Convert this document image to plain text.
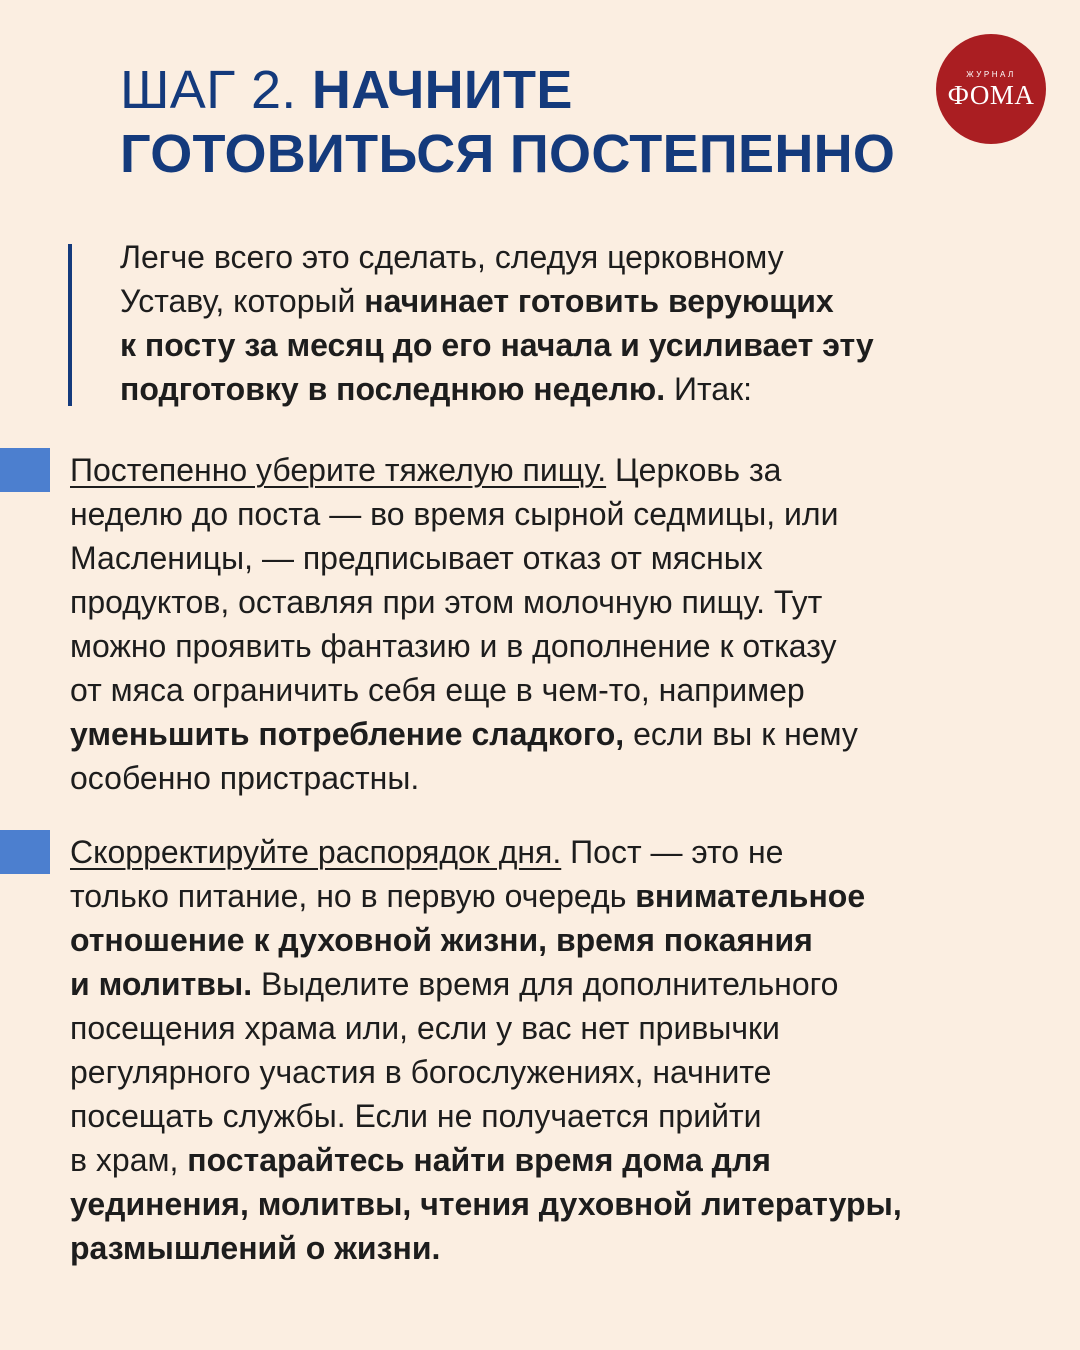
ШАГ 2. НАЧНИТЕ
ГОТОВИТЬСЯ ПОСТЕПЕННО
ЖУРНАЛ
ФОМА
Легче всего это сделать, следуя церковному
Уставу, который начинает готовить верующих
к посту за месяц до его начала и усиливает эту
подготовку в последнюю неделю. Итак:
Постепенно уберите тяжелую пищу. Церковь за
неделю до поста — во время сырной седмицы, или
Масленицы, — предписывает отказ от мясных
продуктов, оставляя при этом молочную пищу. Тут
можно проявить фантазию и в дополнение к отказу
от мяса ограничить себя еще в чем-то, например
уменьшить потребление сладкого, если вы к нему
особенно пристрастны.
Скорректируйте распорядок дня. Пост — это не
только питание, но в первую очередь внимательное
отношение к духовной жизни, время покаяния
и молитвы. Выделите время для дополнительного
посещения храма или, если у вас нет привычки
регулярного участия в богослужениях, начните
посещать службы. Если не получается прийти
в храм, постарайтесь найти время дома для
уединения, молитвы, чтения духовной литературы,
размышлений о жизни.
